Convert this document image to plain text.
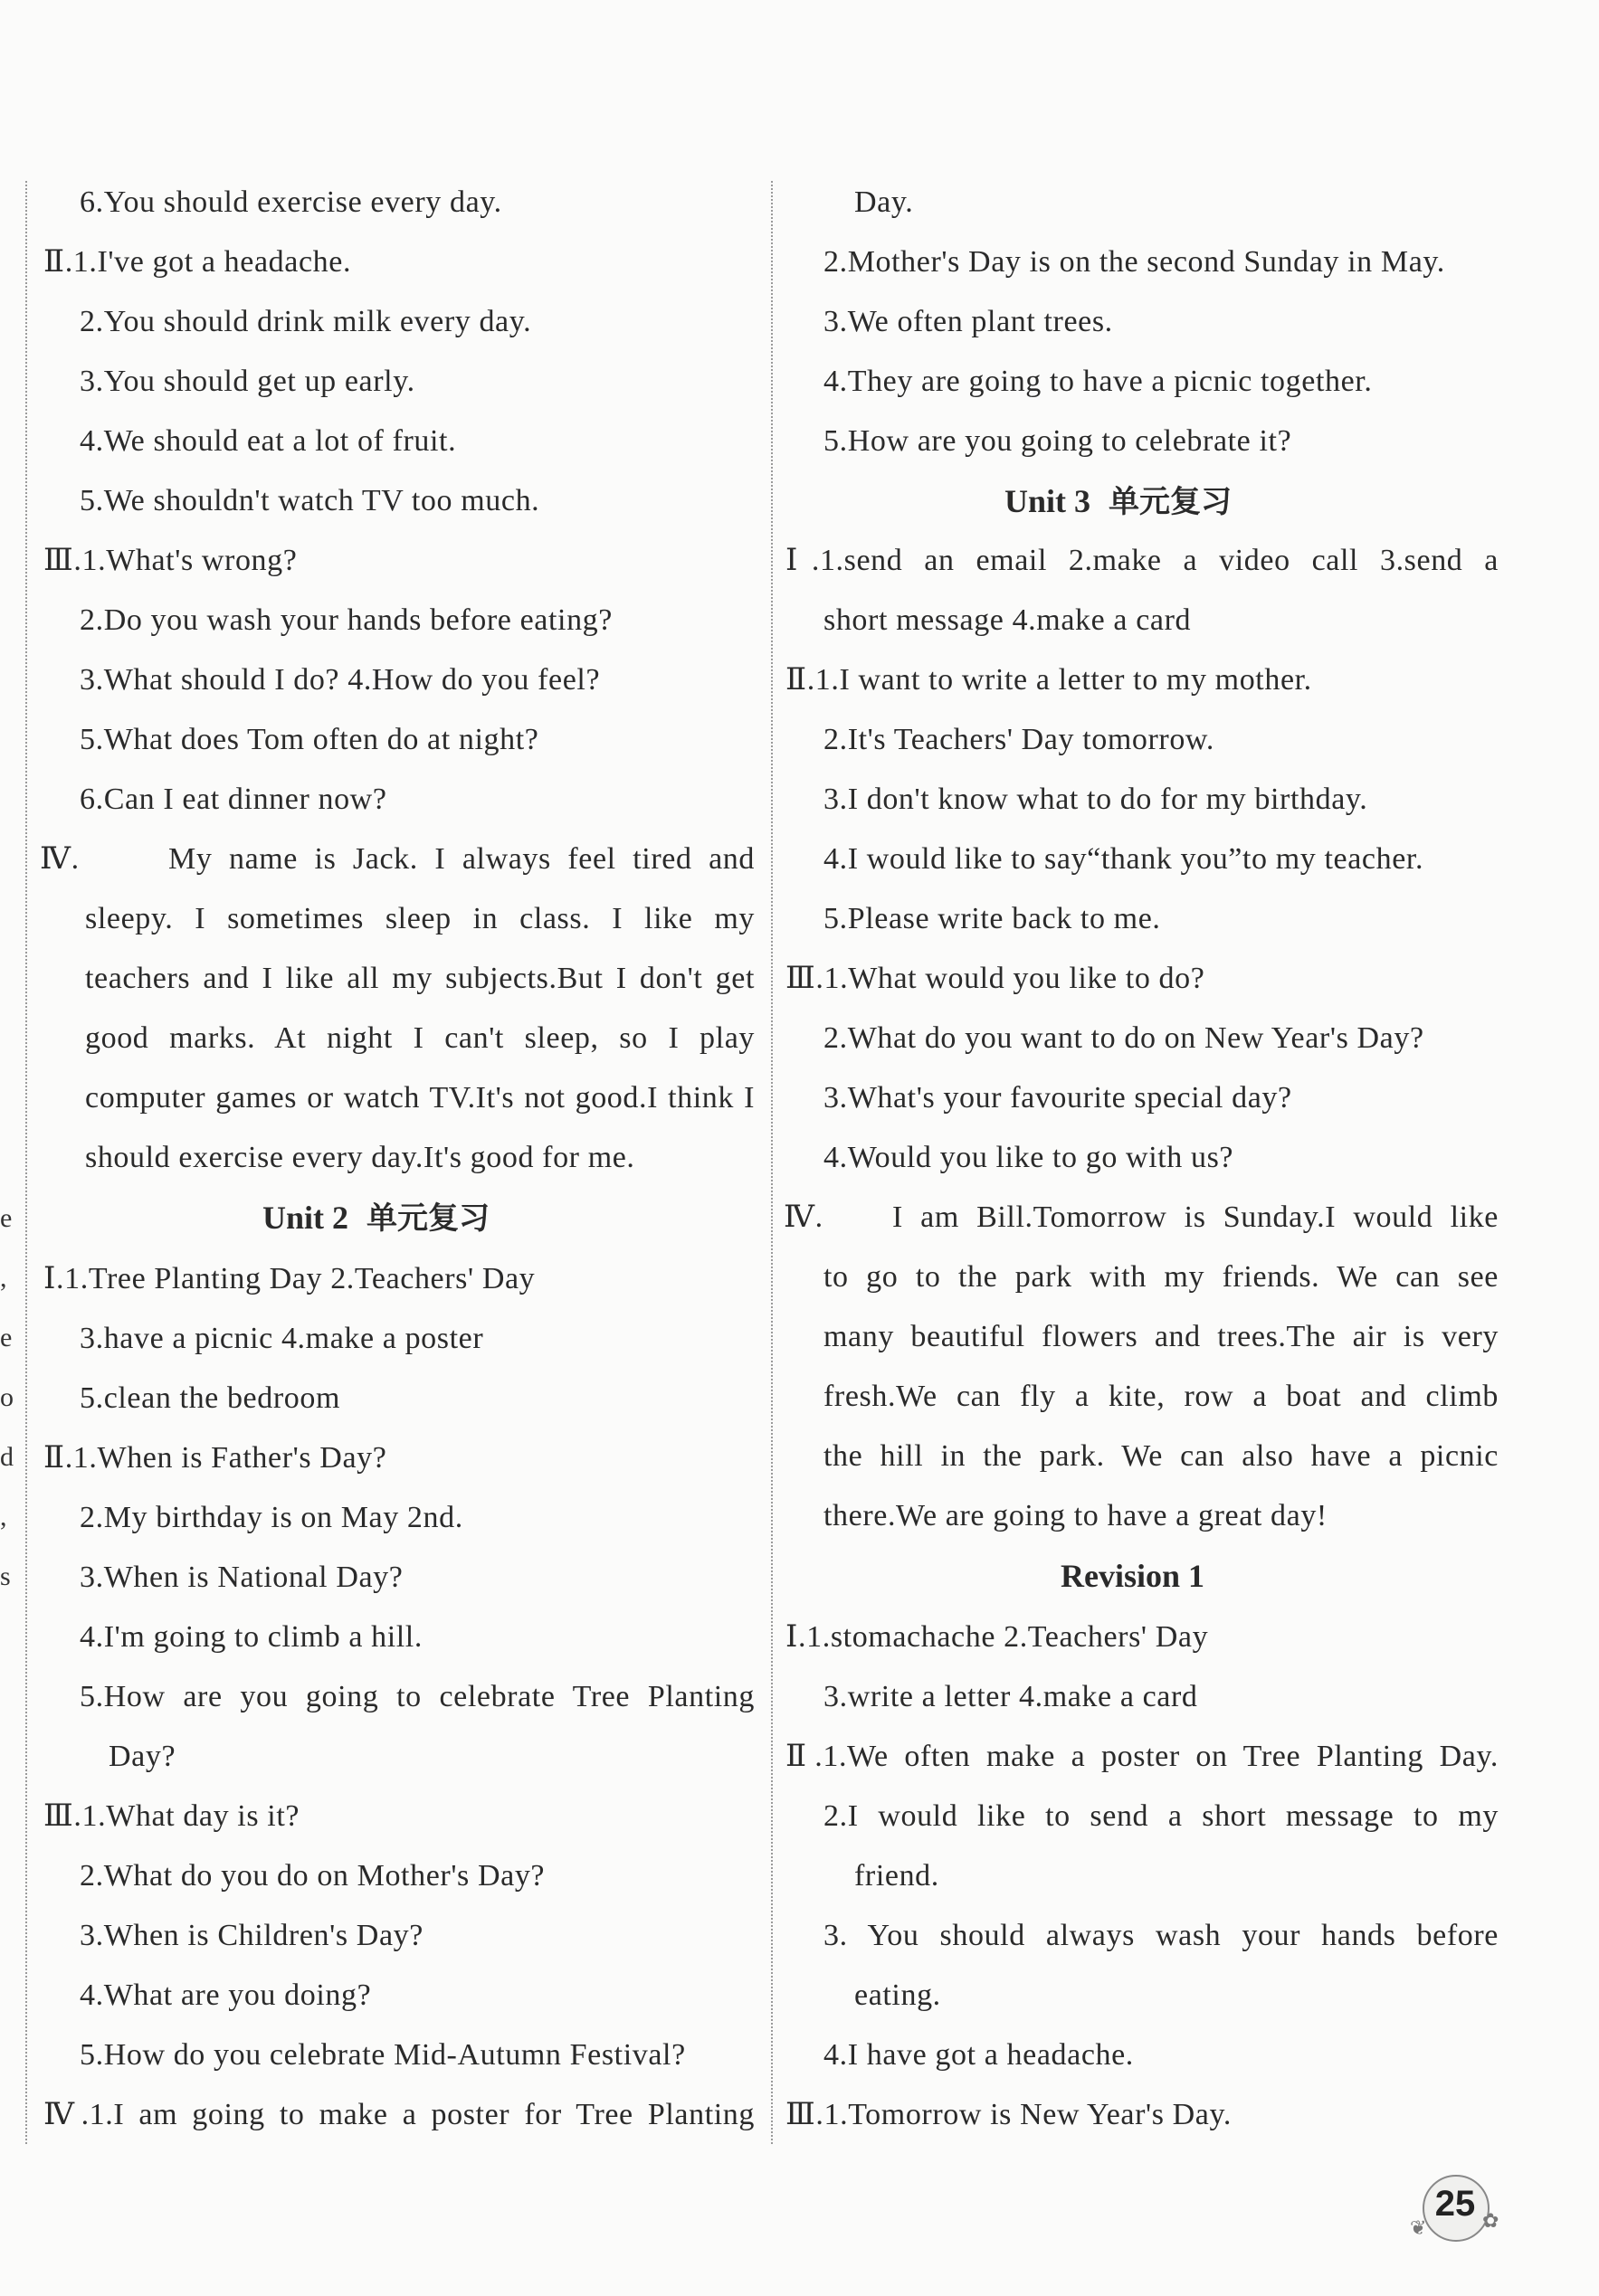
e
,
e
o
d
,
s
6.You should exercise every day.
Ⅱ.1.I've got a headache.
2.You should drink milk every day.
3.You should get up early.
4.We should eat a lot of fruit.
5.We shouldn't watch TV too much.
Ⅲ.1.What's wrong?
2.Do you wash your hands before eating?
3.What should I do? 4.How do you feel?
5.What does Tom often do at night?
6.Can I eat dinner now?
Ⅳ.	My name is Jack. I always feel tired and
sleepy. I sometimes sleep in class. I like my
teachers and I like all my subjects.But I don't get
good marks. At night I can't sleep, so I play
computer games or watch TV.It's not good.I think I
should exercise every day.It's good for me.
Unit 2 单元复习
Ⅰ.1.Tree Planting Day 2.Teachers' Day
3.have a picnic 4.make a poster
5.clean the bedroom
Ⅱ.1.When is Father's Day?
2.My birthday is on May 2nd.
3.When is National Day?
4.I'm going to climb a hill.
5.How are you going to celebrate Tree Planting
Day?
Ⅲ.1.What day is it?
2.What do you do on Mother's Day?
3.When is Children's Day?
4.What are you doing?
5.How do you celebrate Mid-Autumn Festival?
Ⅳ.1.I am going to make a poster for Tree Planting
Day.
2.Mother's Day is on the second Sunday in May.
3.We often plant trees.
4.They are going to have a picnic together.
5.How are you going to celebrate it?
Unit 3 单元复习
Ⅰ.1.send an email 2.make a video call 3.send a
short message 4.make a card
Ⅱ.1.I want to write a letter to my mother.
2.It's Teachers' Day tomorrow.
3.I don't know what to do for my birthday.
4.I would like to say“thank you”to my teacher.
5.Please write back to me.
Ⅲ.1.What would you like to do?
2.What do you want to do on New Year's Day?
3.What's your favourite special day?
4.Would you like to go with us?
Ⅳ. I am Bill.Tomorrow is Sunday.I would like
to go to the park with my friends. We can see
many beautiful flowers and trees.The air is very
fresh.We can fly a kite, row a boat and climb
the hill in the park. We can also have a picnic
there.We are going to have a great day!
Revision 1
Ⅰ.1.stomachache 2.Teachers' Day
3.write a letter 4.make a card
Ⅱ.1.We often make a poster on Tree Planting Day.
2.I would like to send a short message to my
friend.
3. You should always wash your hands before
eating.
4.I have got a headache.
Ⅲ.1.Tomorrow is New Year's Day.
❦	✿
25
